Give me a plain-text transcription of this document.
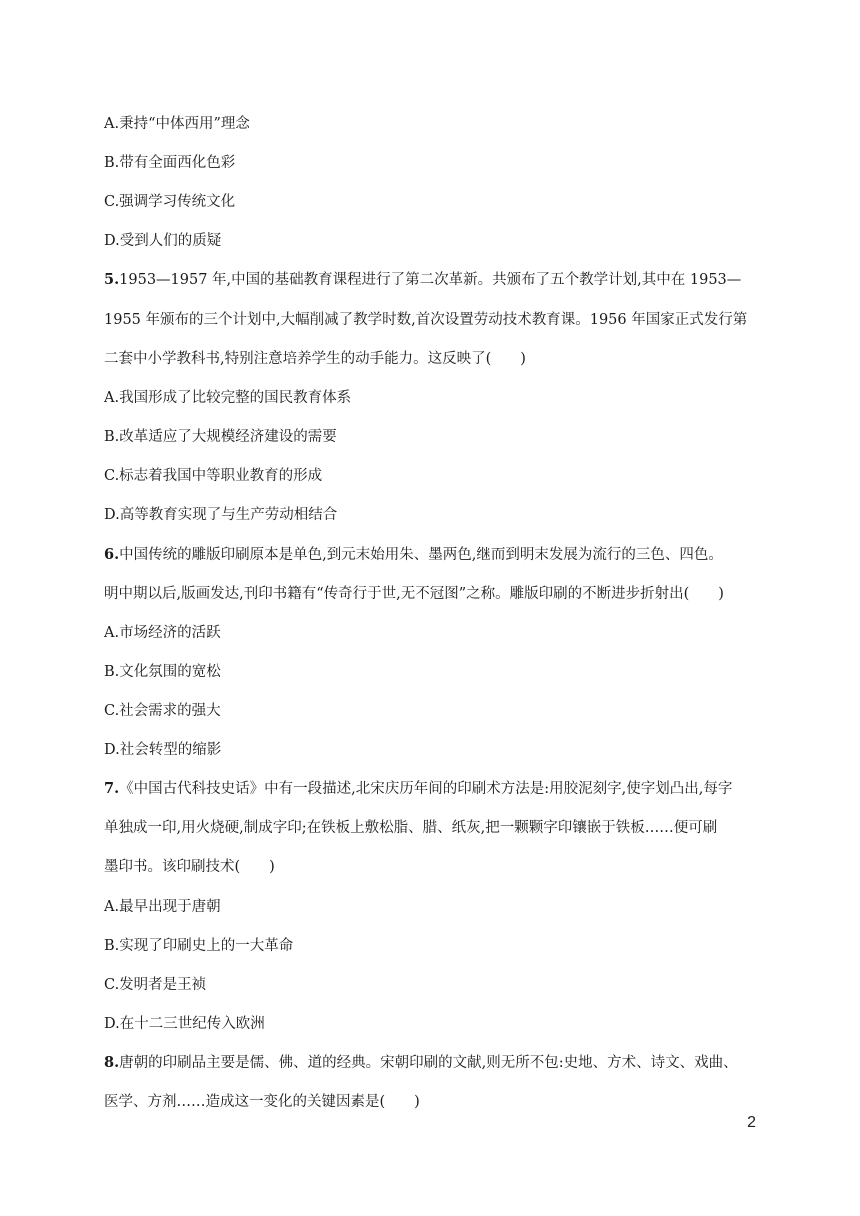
A.秉持“中体西用”理念
B.带有全面西化色彩
C.强调学习传统文化
D.受到人们的质疑
5.1953—1957 年,中国的基础教育课程进行了第二次革新。共颁布了五个教学计划,其中在 1953—
1955 年颁布的三个计划中,大幅削减了教学时数,首次设置劳动技术教育课。1956 年国家正式发行第
二套中小学教科书,特别注意培养学生的动手能力。这反映了(　　)
A.我国形成了比较完整的国民教育体系
B.改革适应了大规模经济建设的需要
C.标志着我国中等职业教育的形成
D.高等教育实现了与生产劳动相结合
6.中国传统的雕版印刷原本是单色,到元末始用朱、墨两色,继而到明末发展为流行的三色、四色。
明中期以后,版画发达,刊印书籍有“传奇行于世,无不冠图”之称。雕版印刷的不断进步折射出(　　)
A.市场经济的活跃
B.文化氛围的宽松
C.社会需求的强大
D.社会转型的缩影
7.《中国古代科技史话》中有一段描述,北宋庆历年间的印刷术方法是:用胶泥刻字,使字划凸出,每字
单独成一印,用火烧硬,制成字印;在铁板上敷松脂、腊、纸灰,把一颗颗字印镶嵌于铁板……便可刷
墨印书。该印刷技术(　　)
A.最早出现于唐朝
B.实现了印刷史上的一大革命
C.发明者是王祯
D.在十二三世纪传入欧洲
8.唐朝的印刷品主要是儒、佛、道的经典。宋朝印刷的文献,则无所不包:史地、方术、诗文、戏曲、
医学、方剂……造成这一变化的关键因素是(　　)
2
